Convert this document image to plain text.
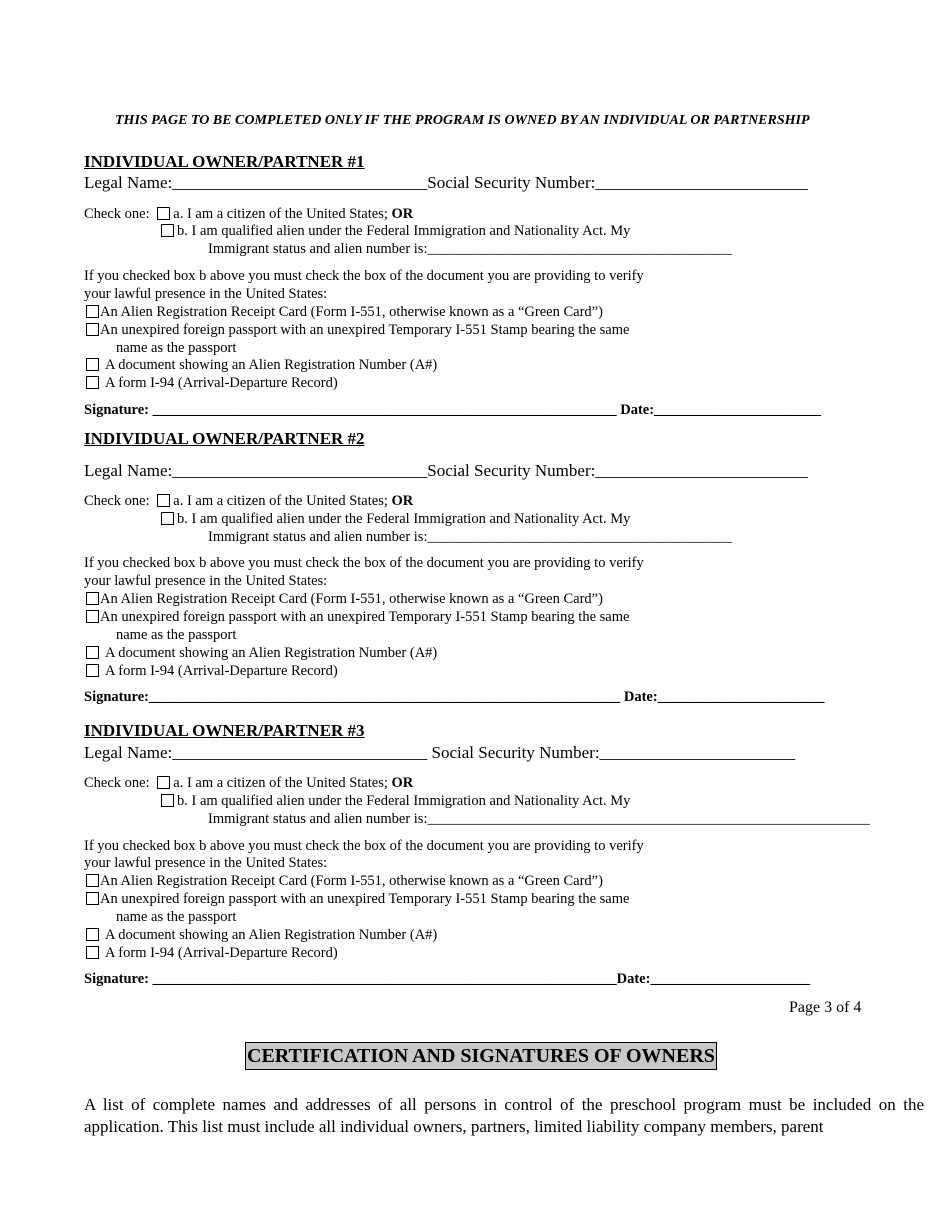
THIS PAGE TO BE COMPLETED ONLY IF THE PROGRAM IS OWNED BY AN INDIVIDUAL OR PARTNERSHIP
INDIVIDUAL OWNER/PARTNER #1
Legal Name:______________________________Social Security Number:_________________________
Check one: a. I am a citizen of the United States; OR
b. I am qualified alien under the Federal Immigration and Nationality Act. My
Immigrant status and alien number is:__________________________________________
If you checked box b above you must check the box of the document you are providing to verify
your lawful presence in the United States:
An Alien Registration Receipt Card (Form I-551, otherwise known as a “Green Card”)
An unexpired foreign passport with an unexpired Temporary I-551 Stamp bearing the same
name as the passport
A document showing an Alien Registration Number (A#)
A form I-94 (Arrival-Departure Record)
Signature: ________________________________________________________________ Date:_______________________
INDIVIDUAL OWNER/PARTNER #2
Legal Name:______________________________Social Security Number:_________________________
Check one: a. I am a citizen of the United States; OR
b. I am qualified alien under the Federal Immigration and Nationality Act. My
Immigrant status and alien number is:__________________________________________
If you checked box b above you must check the box of the document you are providing to verify
your lawful presence in the United States:
An Alien Registration Receipt Card (Form I-551, otherwise known as a “Green Card”)
An unexpired foreign passport with an unexpired Temporary I-551 Stamp bearing the same
name as the passport
A document showing an Alien Registration Number (A#)
A form I-94 (Arrival-Departure Record)
Signature:_________________________________________________________________ Date:_______________________
INDIVIDUAL OWNER/PARTNER #3
Legal Name:______________________________ Social Security Number:_______________________
Check one: a. I am a citizen of the United States; OR
b. I am qualified alien under the Federal Immigration and Nationality Act. My
Immigrant status and alien number is:_____________________________________________________________
If you checked box b above you must check the box of the document you are providing to verify
your lawful presence in the United States:
An Alien Registration Receipt Card (Form I-551, otherwise known as a “Green Card”)
An unexpired foreign passport with an unexpired Temporary I-551 Stamp bearing the same
name as the passport
A document showing an Alien Registration Number (A#)
A form I-94 (Arrival-Departure Record)
Signature: ________________________________________________________________Date:______________________
Page 3 of 4
CERTIFICATION AND SIGNATURES OF OWNERS
A list of complete names and addresses of all persons in control of the preschool program must be included on the application. This list must include all individual owners, partners, limited liability company members, parent
